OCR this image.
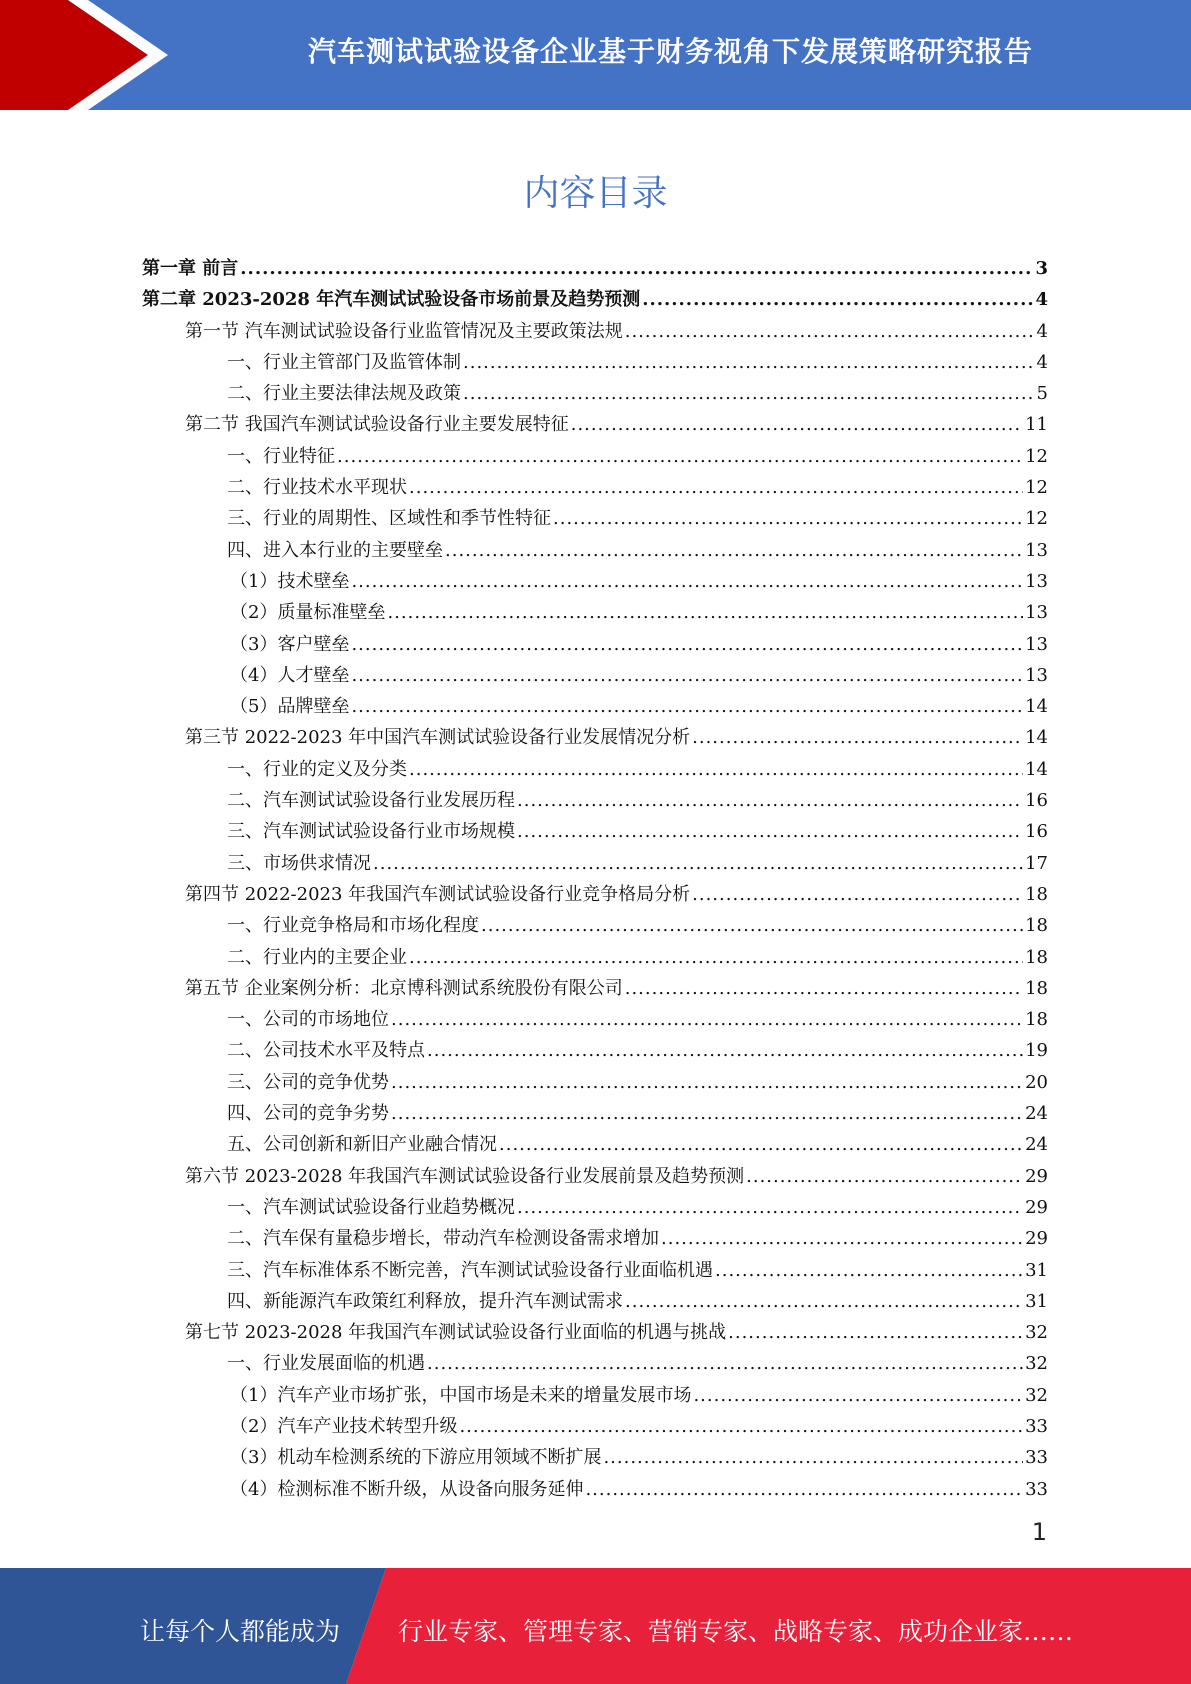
汽车测试试验设备企业基于财务视角下发展策略研究报告
内容目录
第一章 前言 .....	3
第二章 2023-2028 年汽车测试试验设备市场前景及趋势预测 .....	4
第一节 汽车测试试验设备行业监管情况及主要政策法规 .....	4
一、行业主管部门及监管体制 .....	4
二、行业主要法律法规及政策 .....	5
第二节 我国汽车测试试验设备行业主要发展特征 .....	11
一、行业特征 .....	12
二、行业技术水平现状 .....	12
三、行业的周期性、区域性和季节性特征 .....	12
四、进入本行业的主要壁垒 .....	13
（1）技术壁垒 .....	13
（2）质量标准壁垒 .....	13
（3）客户壁垒 .....	13
（4）人才壁垒 .....	13
（5）品牌壁垒 .....	14
第三节 2022-2023 年中国汽车测试试验设备行业发展情况分析 .....	14
一、行业的定义及分类 .....	14
二、汽车测试试验设备行业发展历程 .....	16
三、汽车测试试验设备行业市场规模 .....	16
三、市场供求情况 .....	17
第四节 2022-2023 年我国汽车测试试验设备行业竞争格局分析 .....	18
一、行业竞争格局和市场化程度 .....	18
二、行业内的主要企业 .....	18
第五节 企业案例分析：北京博科测试系统股份有限公司 .....	18
一、公司的市场地位 .....	18
二、公司技术水平及特点 .....	19
三、公司的竞争优势 .....	20
四、公司的竞争劣势 .....	24
五、公司创新和新旧产业融合情况 .....	24
第六节 2023-2028 年我国汽车测试试验设备行业发展前景及趋势预测 .....	29
一、汽车测试试验设备行业趋势概况 .....	29
二、汽车保有量稳步增长，带动汽车检测设备需求增加 .....	29
三、汽车标准体系不断完善，汽车测试试验设备行业面临机遇 .....	31
四、新能源汽车政策红利释放，提升汽车测试需求 .....	31
第七节 2023-2028 年我国汽车测试试验设备行业面临的机遇与挑战 .....	32
一、行业发展面临的机遇 .....	32
（1）汽车产业市场扩张，中国市场是未来的增量发展市场 .....	32
（2）汽车产业技术转型升级 .....	33
（3）机动车检测系统的下游应用领域不断扩展 .....	33
（4）检测标准不断升级，从设备向服务延伸 .....	33
1
让每个人都能成为 行业专家、管理专家、营销专家、战略专家、成功企业家……
